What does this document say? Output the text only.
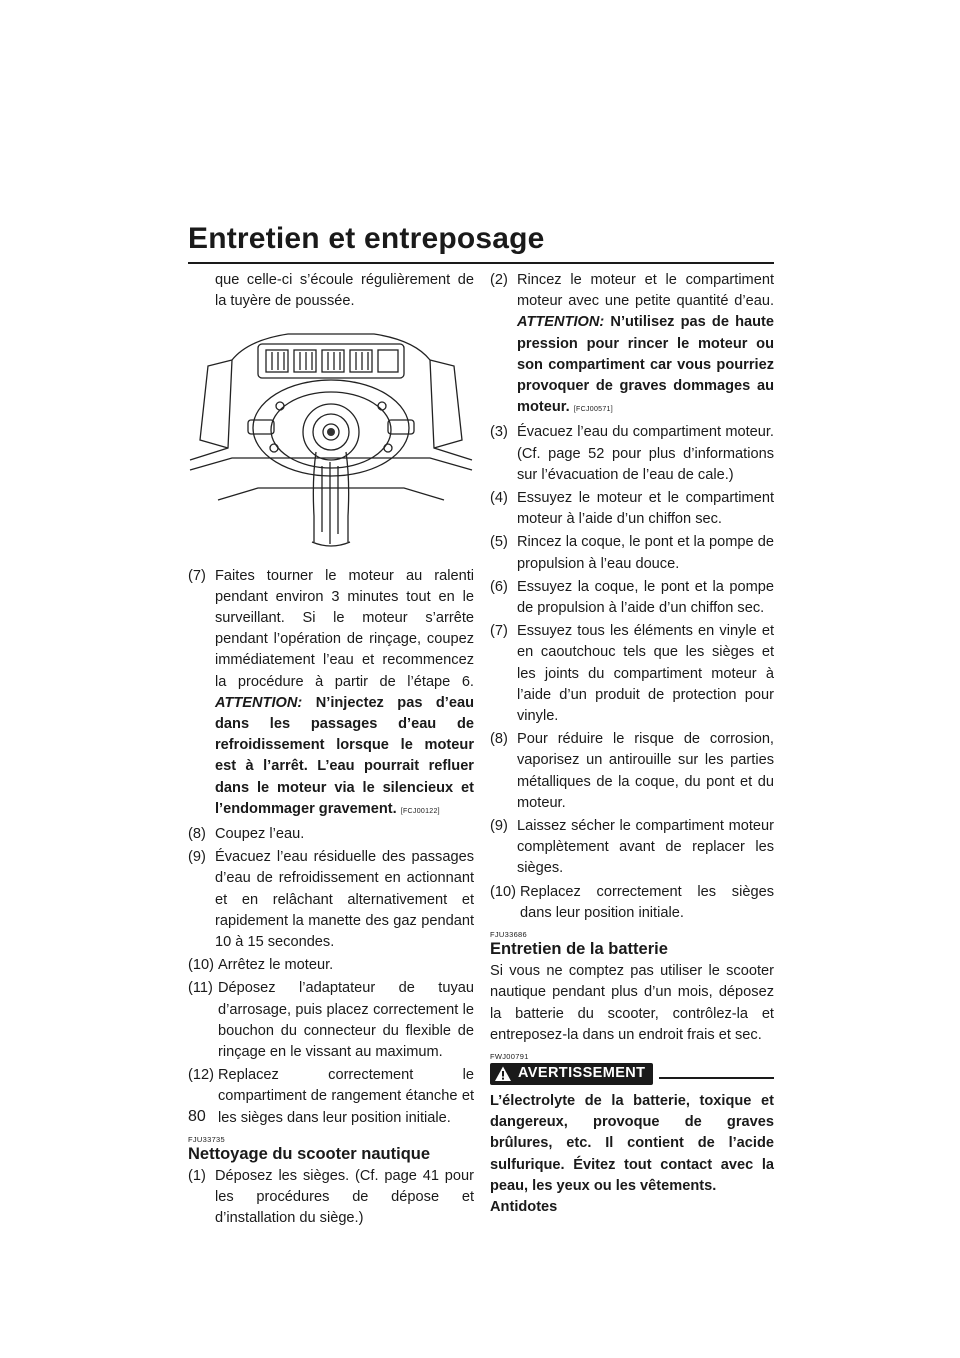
Entretien et entreposage
que celle-ci s’écoule régulièrement de la tuyère de poussée.
(7) Faites tourner le moteur au ralenti pendant environ 3 minutes tout en le surveillant. Si le moteur s’arrête pendant l’opération de rinçage, coupez immédiatement l’eau et recommencez la procédure à partir de l’étape 6. ATTENTION: N’injectez pas d’eau dans les passages d’eau de refroidissement lorsque le moteur est à l’arrêt. L’eau pourrait refluer dans le moteur via le silencieux et l’endommager gravement. [FCJ00122]
(8) Coupez l’eau.
(9) Évacuez l’eau résiduelle des passages d’eau de refroidissement en actionnant et en relâchant alternativement et rapidement la manette des gaz pendant 10 à 15 secondes.
(10) Arrêtez le moteur.
(11) Déposez l’adaptateur de tuyau d’arrosage, puis placez correctement le bouchon du connecteur du flexible de rinçage en le vissant au maximum.
(12) Replacez correctement le compartiment de rangement étanche et les sièges dans leur position initiale.
FJU33735
Nettoyage du scooter nautique
(1) Déposez les sièges. (Cf. page 41 pour les procédures de dépose et d’installation du siège.)
(2) Rincez le moteur et le compartiment moteur avec une petite quantité d’eau. ATTENTION: N’utilisez pas de haute pression pour rincer le moteur ou son compartiment car vous pourriez provoquer de graves dommages au moteur. [FCJ00571]
(3) Évacuez l’eau du compartiment moteur. (Cf. page 52 pour plus d’informations sur l’évacuation de l’eau de cale.)
(4) Essuyez le moteur et le compartiment moteur à l’aide d’un chiffon sec.
(5) Rincez la coque, le pont et la pompe de propulsion à l’eau douce.
(6) Essuyez la coque, le pont et la pompe de propulsion à l’aide d’un chiffon sec.
(7) Essuyez tous les éléments en vinyle et en caoutchouc tels que les sièges et les joints du compartiment moteur à l’aide d’un produit de protection pour vinyle.
(8) Pour réduire le risque de corrosion, vaporisez un antirouille sur les parties métalliques de la coque, du pont et du moteur.
(9) Laissez sécher le compartiment moteur complètement avant de replacer les sièges.
(10) Replacez correctement les sièges dans leur position initiale.
FJU33686
Entretien de la batterie
Si vous ne comptez pas utiliser le scooter nautique pendant plus d’un mois, déposez la batterie du scooter, contrôlez-la et entreposez-la dans un endroit frais et sec.
FWJ00791
AVERTISSEMENT
L’électrolyte de la batterie, toxique et dangereux, provoque de graves brûlures, etc. Il contient de l’acide sulfurique. Évitez tout contact avec la peau, les yeux ou les vêtements.
Antidotes
80
